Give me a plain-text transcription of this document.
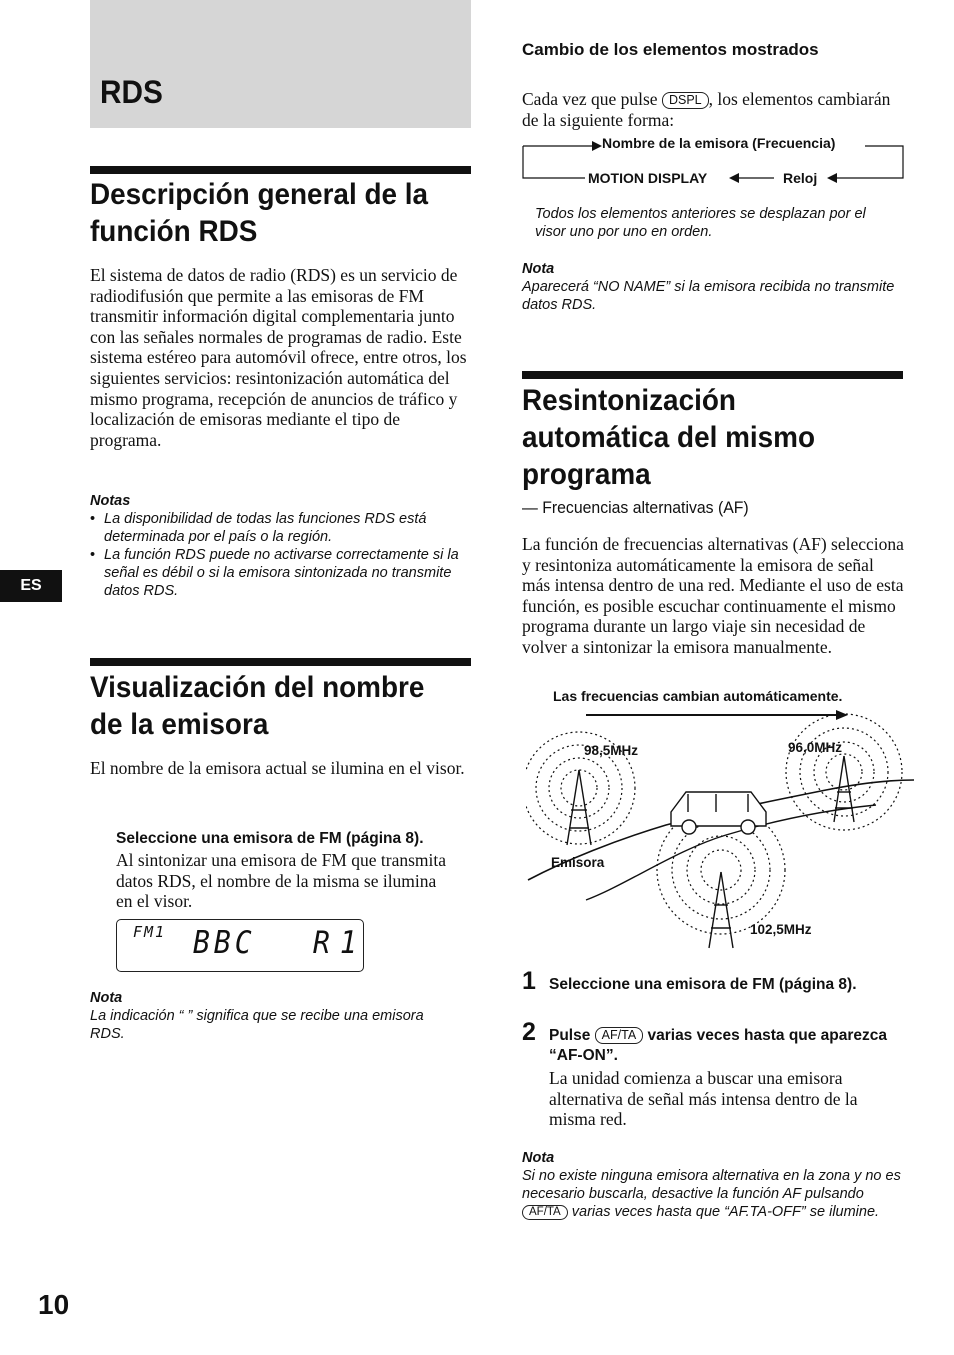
RDS
ES
10
Descripción general de la función RDS
El sistema de datos de radio (RDS) es un servicio de radiodifusión que permite a las emisoras de FM transmitir información digital complementaria junto con las señales normales de programas de radio. Este sistema estéreo para automóvil ofrece, entre otros, los siguientes servicios: resintonización automática del mismo programa, recepción de anuncios de tráfico y localización de emisoras mediante el tipo de programa.
Notas
• La disponibilidad de todas las funciones RDS está determinada por el país o la región.
• La función RDS puede no activarse correctamente si la señal es débil o si la emisora sintonizada no transmite datos RDS.
Visualización del nombre de la emisora
El nombre de la emisora actual se ilumina en el visor.
Seleccione una emisora de FM (página 8).
Al sintonizar una emisora de FM que transmita datos RDS, el nombre de la misma se ilumina en el visor.
FM1 BBC R1
Nota
La indicación “ ” significa que se recibe una emisora RDS.
Cambio de los elementos mostrados
Cada vez que pulse DSPL , los elementos cambiarán de la siguiente forma:
Nombre de la emisora (Frecuencia)
MOTION DISPLAY	Reloj
Todos los elementos anteriores se desplazan por el visor uno por uno en orden.
Nota
Aparecerá “NO NAME” si la emisora recibida no transmite datos RDS.
Resintonización automática del mismo programa
— Frecuencias alternativas (AF)
La función de frecuencias alternativas (AF) selecciona y resintoniza automáticamente la emisora de señal más intensa dentro de una red. Mediante el uso de esta función, es posible escuchar continuamente el mismo programa durante un largo viaje sin necesidad de volver a sintonizar la emisora manualmente.
Las frecuencias cambian automáticamente.
98,5MHz	96,0MHz
Emisora
102,5MHz
1 Seleccione una emisora de FM (página 8).
2 Pulse AF/TA varias veces hasta que aparezca “AF-ON”.
La unidad comienza a buscar una emisora alternativa de señal más intensa dentro de la misma red.
Nota
Si no existe ninguna emisora alternativa en la zona y no es necesario buscarla, desactive la función AF pulsando AF/TA varias veces hasta que “AF.TA-OFF” se ilumine.
